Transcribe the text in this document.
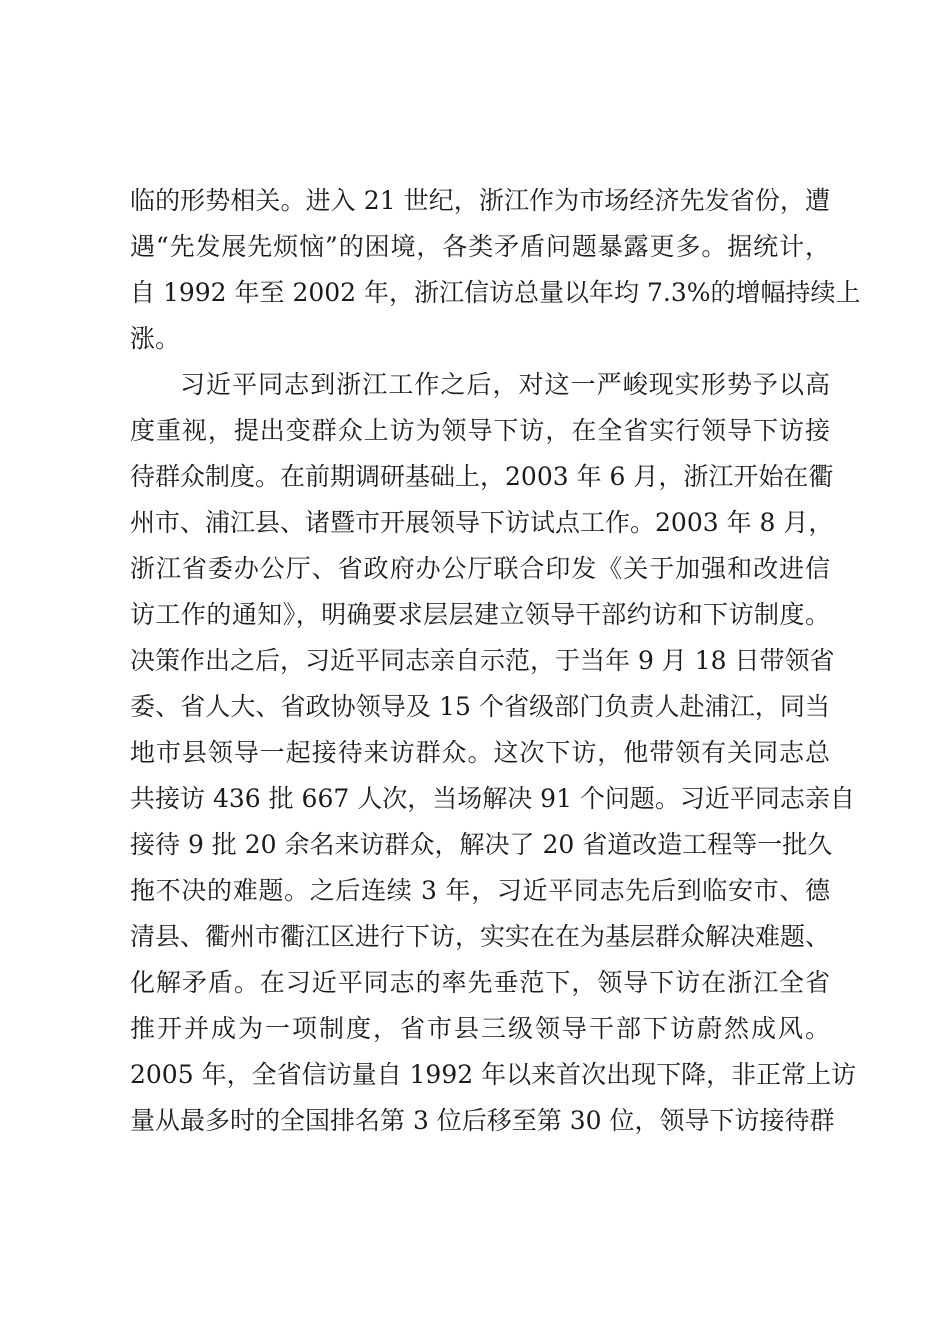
临的形势相关。进入 21 世纪，浙江作为市场经济先发省份，遭
遇“先发展先烦恼”的困境，各类矛盾问题暴露更多。据统计，
自 1992 年至 2002 年，浙江信访总量以年均 7.3%的增幅持续上
涨。
习近平同志到浙江工作之后，对这一严峻现实形势予以高
度重视，提出变群众上访为领导下访，在全省实行领导下访接
待群众制度。在前期调研基础上，2003 年 6 月，浙江开始在衢
州市、浦江县、诸暨市开展领导下访试点工作。2003 年 8 月，
浙江省委办公厅、省政府办公厅联合印发《关于加强和改进信
访工作的通知》，明确要求层层建立领导干部约访和下访制度。
决策作出之后，习近平同志亲自示范，于当年 9 月 18 日带领省
委、省人大、省政协领导及 15 个省级部门负责人赴浦江，同当
地市县领导一起接待来访群众。这次下访，他带领有关同志总
共接访 436 批 667 人次，当场解决 91 个问题。习近平同志亲自
接待 9 批 20 余名来访群众，解决了 20 省道改造工程等一批久
拖不决的难题。之后连续 3 年，习近平同志先后到临安市、德
清县、衢州市衢江区进行下访，实实在在为基层群众解决难题、
化解矛盾。在习近平同志的率先垂范下，领导下访在浙江全省
推开并成为一项制度，省市县三级领导干部下访蔚然成风。
2005 年，全省信访量自 1992 年以来首次出现下降，非正常上访
量从最多时的全国排名第 3 位后移至第 30 位，领导下访接待群
